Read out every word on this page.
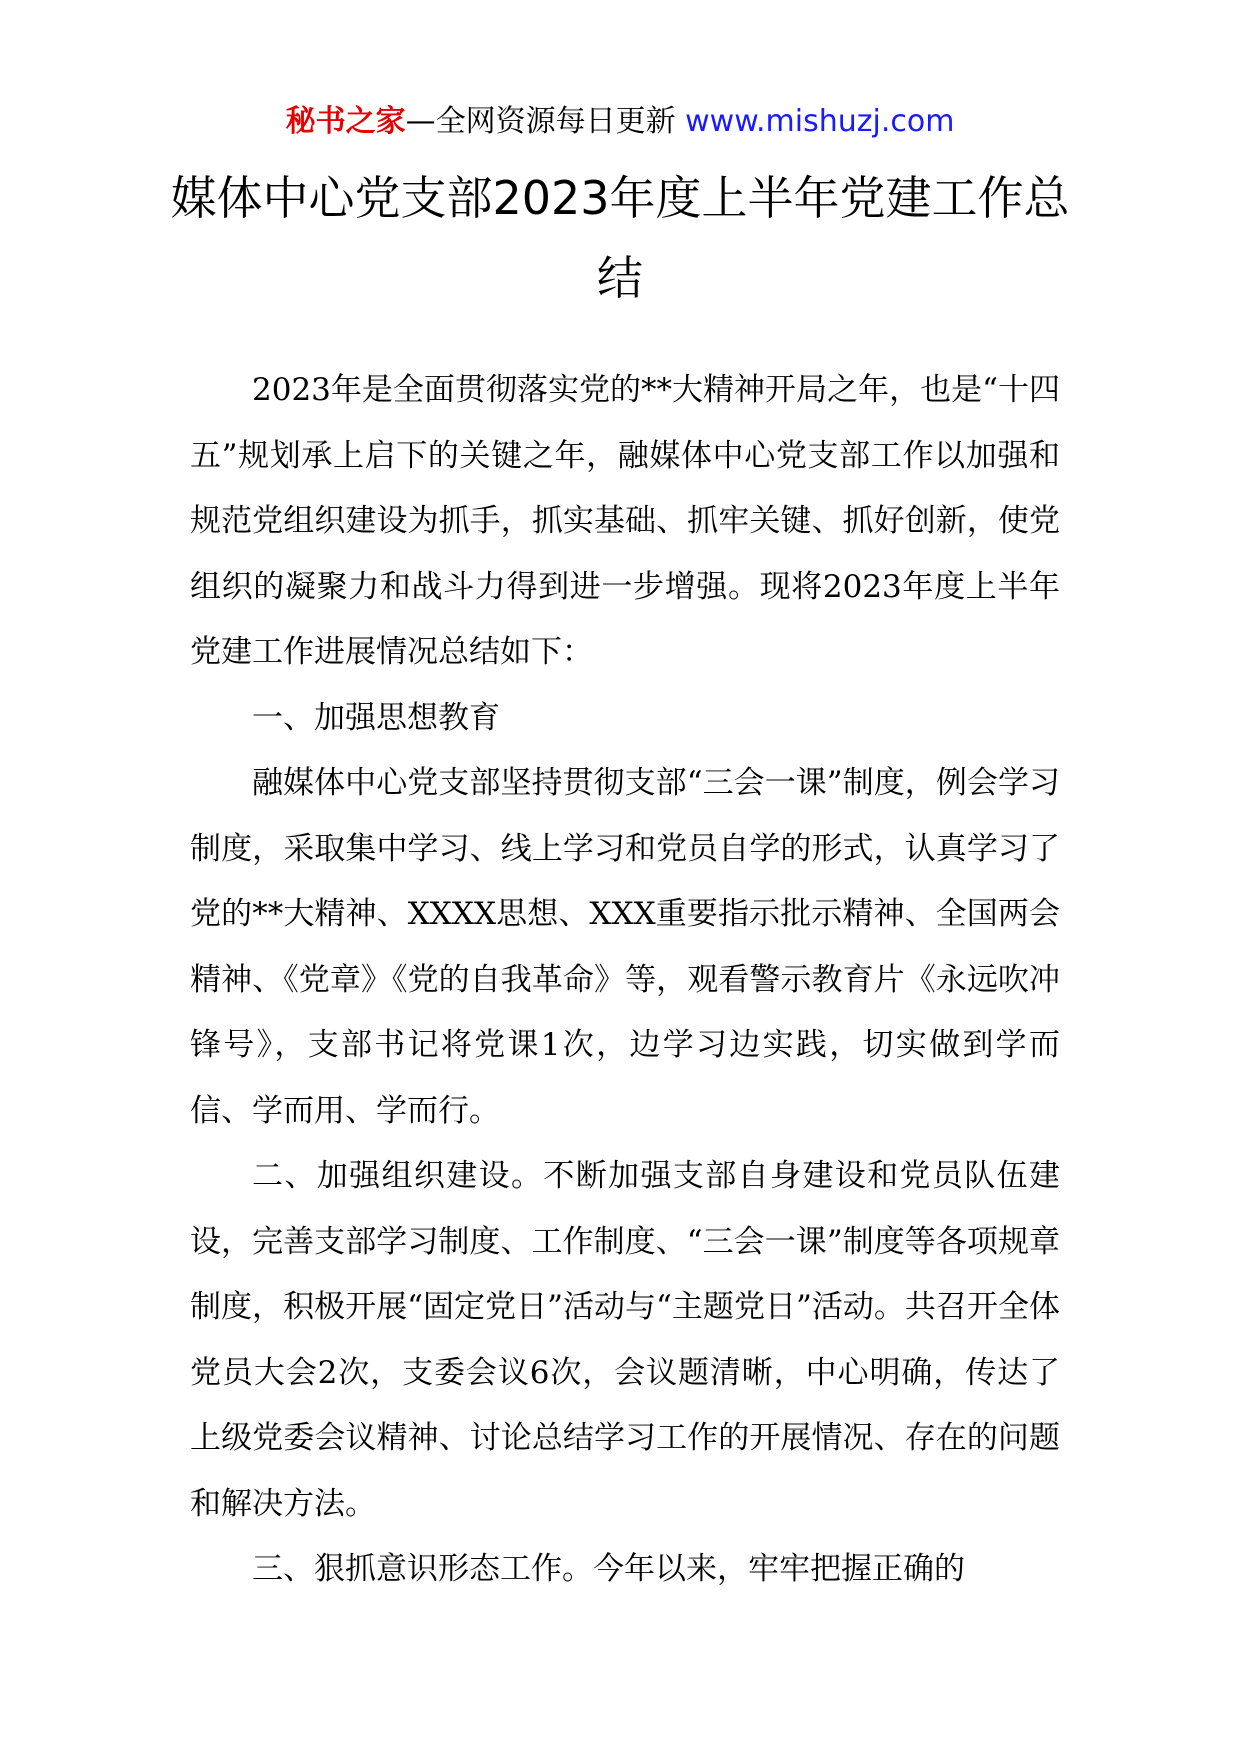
秘书之家—全网资源每日更新 www.mishuzj.com
媒体中心党支部2023年度上半年党建工作总结

2023年是全面贯彻落实党的**大精神开局之年，也是“十四五”规划承上启下的关键之年，融媒体中心党支部工作以加强和规范党组织建设为抓手，抓实基础、抓牢关键、抓好创新，使党组织的凝聚力和战斗力得到进一步增强。现将2023年度上半年党建工作进展情况总结如下：

一、加强思想教育

融媒体中心党支部坚持贯彻支部“三会一课”制度，例会学习制度，采取集中学习、线上学习和党员自学的形式，认真学习了党的**大精神、XXXX思想、XXX重要指示批示精神、全国两会精神、《党章》《党的自我革命》等，观看警示教育片《永远吹冲锋号》，支部书记将党课1次，边学习边实践，切实做到学而信、学而用、学而行。

二、加强组织建设。不断加强支部自身建设和党员队伍建设，完善支部学习制度、工作制度、“三会一课”制度等各项规章制度，积极开展“固定党日”活动与“主题党日”活动。共召开全体党员大会2次，支委会议6次，会议题清晰，中心明确，传达了上级党委会议精神、讨论总结学习工作的开展情况、存在的问题和解决方法。

三、狠抓意识形态工作。今年以来，牢牢把握正确的
